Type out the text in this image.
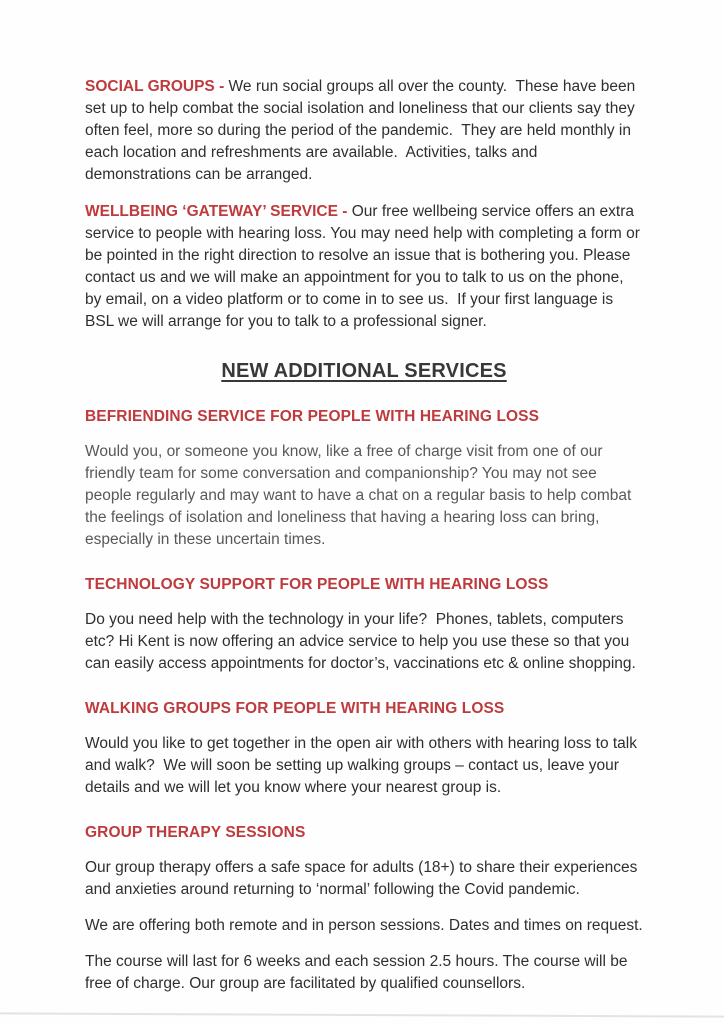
SOCIAL GROUPS - We run social groups all over the county.  These have been set up to help combat the social isolation and loneliness that our clients say they often feel, more so during the period of the pandemic.  They are held monthly in each location and refreshments are available.  Activities, talks and demonstrations can be arranged.

WELLBEING ‘GATEWAY’ SERVICE - Our free wellbeing service offers an extra service to people with hearing loss. You may need help with completing a form or be pointed in the right direction to resolve an issue that is bothering you. Please contact us and we will make an appointment for you to talk to us on the phone, by email, on a video platform or to come in to see us.  If your first language is BSL we will arrange for you to talk to a professional signer.

NEW ADDITIONAL SERVICES
BEFRIENDING SERVICE FOR PEOPLE WITH HEARING LOSS

Would you, or someone you know, like a free of charge visit from one of our friendly team for some conversation and companionship? You may not see people regularly and may want to have a chat on a regular basis to help combat the feelings of isolation and loneliness that having a hearing loss can bring, especially in these uncertain times.

TECHNOLOGY SUPPORT FOR PEOPLE WITH HEARING LOSS

Do you need help with the technology in your life?  Phones, tablets, computers etc? Hi Kent is now offering an advice service to help you use these so that you can easily access appointments for doctor’s, vaccinations etc & online shopping.

WALKING GROUPS FOR PEOPLE WITH HEARING LOSS

Would you like to get together in the open air with others with hearing loss to talk and walk?  We will soon be setting up walking groups – contact us, leave your details and we will let you know where your nearest group is.

GROUP THERAPY SESSIONS

Our group therapy offers a safe space for adults (18+) to share their experiences and anxieties around returning to ‘normal’ following the Covid pandemic.

We are offering both remote and in person sessions. Dates and times on request.

The course will last for 6 weeks and each session 2.5 hours. The course will be free of charge. Our group are facilitated by qualified counsellors.
